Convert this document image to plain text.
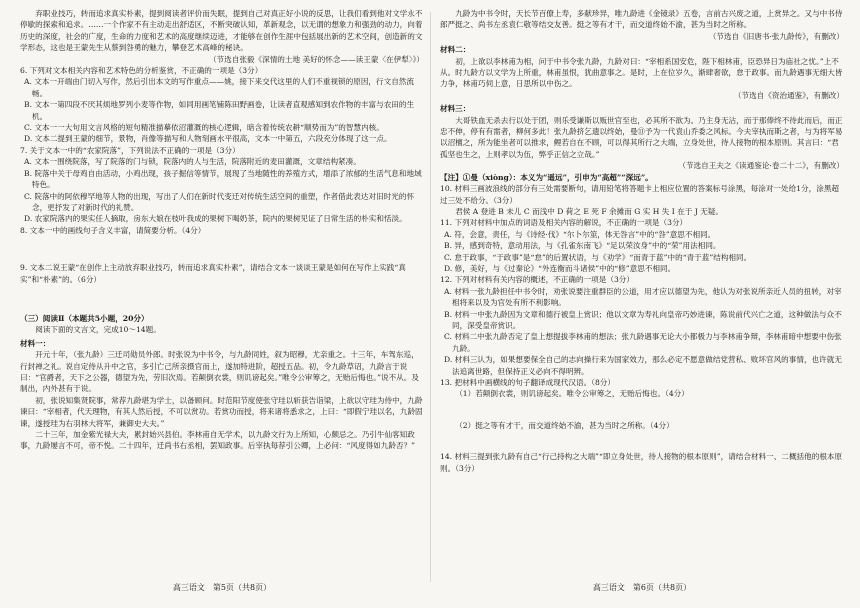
弃职业技巧，转而追求真实朴素，提到阅读者评价而失眠，提到自己对真正好小说的反思，让我们看到他对文学永不停歇的探索和追求。……一个作家不有主动走出舒适区，不断突破认知，革新观念，以无谓的想象力和强劲的动力，向着历史的深度，社会的广度，生命的力度和艺术的高度继续迈进，才能够在创作生涯中包括展出新的艺术空间，创造新的文学形态，这也是王蒙先生从蔡到咎勇的魅力，攀登艺术高峰的秘诀。

（节选自张毅《深情的土地 美好的怀念——读王蒙〈在伊犁〉》）

6. 下列对文本相关内容和艺术特色的分析鉴赏，不正确的一项是（3分）

A. 文本一开端由门切入写作，然后引出本文的写作重点——姚，接下来交代这里的人们不重视锁的原因，行文自然流畅。

B. 文本一第四段不厌其烦地罗列小麦等作物，如同用画笔铺陈田野画卷，让读者直观感知到农作物的丰富与农田的生机。

C. 文本一一大句用文言风格的短句精准描摹依沼灌溉的核心逻辑，暗含着传统农耕“顺势而为”的智慧内核。

D. 文本二提到王蒙的细节，景物，肖像等描写和人物刻画水平很高，文本一中第五，六段充分体现了这一点。

7. 关于文本一中的“农家院落”，下列说法不正确的一项是（3分）

A. 文本一围绕院落，写了院落的门与锁，院落内的人与生活，院落附近的麦田灌溉，文章结构紧凑。

B. 院落中关于母鸡自由活动，小鸡出现，孩子掘信等情节，展现了当地随性的养殖方式，增添了浓郁的生活气息和地域特色。

C. 院落中的阿依穆罕地等人物的出现，写出了人们在新时代变迁对传统生活空间的重塑，作者借此表达对旧时光的怀念，更抒发了对新时代的礼赞。

D. 农家院落内的果实任人摘取，房东大娘在枝叶我成的果树下喝奶茶，院内的果树见证了日常生活的朴实和恬淡。

8. 文本一中的画线句子含义丰富，请简要分析。（4分）

9. 文本二说王蒙“在创作上主动放弃职业技巧，转而追求真实朴素”，请结合文本一谈谈王蒙是如何在写作上实践“真实”和“朴素”的。（6分）

（三）阅读Ⅱ（本题共5小题，20分）

阅读下面的文言文，完成10～14题。

材料一：

开元十年，（张九龄）三迁司勋员外郎。时张说为中书令，与九龄同姓，叙为昭穆，尤亲重之。十三年，车驾东巡，行封禅之礼。说自定侍从升中之官，多引亡己所亲摄官而上，遂加特进阶，超授五品。初，令九龄草诏，九龄言于说曰：“官爵者，天下之公器，德望为先，劳旧次焉。若颠倒衣裳，则讥谤起矣。”唯令公审筹之，无贻后悔也。”说不从。及制出，内外甚有于说。

初，张说知集贤院事，常荐九龄堪为学士，以备顾问。时范阳节度使张守珪以斩获告诣梁，上欲以守珪为侍中，九龄谏曰：“宰相者，代天理物，有其人然后授，不可以赏功。若赏功而授，将来诸将悉求之，上曰：“即假宁珪以名，九龄固谏，遂授珪为右羽林大将军，兼御史大夫。”

二十三年，加金紫光禄大夫，累封始兴县伯。李林甫自无学术，以九龄文行为上所知，心颇忌之。乃引牛仙客知政事，九龄屡言不可，帝不悦。二十四年，迁尚书右丞相，罢知政事。后宰执每荐引公卿，上必问：“风度得如九龄否？”

九龄为中书令时，天长节百僚上寿，多献珍异，唯九龄进《金镜录》五卷，言前古兴废之道，上赏异之。又与中书侍郎严挺之、尚书左丞袁仁敬等结交友善。挺之等有才干，而交道终始不渝，甚为当时之所称。

（节选自《旧唐书·张九龄传》，有删改）

材料二：

初，上欲以李林甫为相，问于中书令张九龄，九龄对曰：“宰相系国安危，陛下相林甫，臣恐异日为庙社之忧。”上不从。时九龄方以文学为上所重，林甫虽恨，犹曲意事之。是时，上在位岁久，渐肆奢欲，怠于政事。而九龄遇事无细大皆力争，林甫巧伺上意，日思所以中伤之。

（节选自《资治通鉴》，有删改）

材料三：

大哥铁血无杀去行以处于团，则乐受谦斯以贩世官至也，必其所不欲为。乃主身无沾，而于那俸终不待此而后，而正忠不伸，停有有需者，柳何多此！张九龄挤乞遗以终始，曼⑪予为一代袁山乔委之风标。今夫宰执而斯之者，与为将军易以沼檀之，所为能坐者可以推求，鲤若自在不顾，可以得其所行之大端，立身处世，待人接物的根本原则。其言曰：“君孤坚也生之，上则孝以为伍，弊乎正信之立哉。”

（节选自王夫之《读通鉴论·卷二十二》，有删改）

【注】①曼（xiòng）：本义为“遥远”，引申为“高超”“深远”。

10. 材料三画波浪线的部分有三处需要断句，请用铅笔将答题卡上相应位置的答案标号涂黑，每涂对一处给1分，涂黑超过三处不给分。（3分）

君侯 A 登进 B 未儿 C 而浅中 D 荷之 E 死 F 余摊而 G 实 H 失 I 在于 J 无疑。

11. 下列对材料中加点的词语及相关内容的解说，不正确的一项是（3分）

A. 符，会意，责任，与《诗经·伐》“尔卜尔筮，体无咎言”中的“咎”意思不相同。

B. 异，感到奇特，意动用法，与《孔雀东南飞》“足以荣汝身”中的“荣”用法相同。

C. 怠于政事，“于政事”是“怠”的后置状语，与《劝学》“而青于蓝”中的“青于蓝”结构相同。

D. 修，美好，与《过秦论》“外连衡而斗诸侯”中的“修”意思不相同。

12. 下列对材料有关内容的概述，不正确的一项是（3分）

A. 材料一张九龄担任中书令时，劝张说要注重群臣的公道，用才应以德望为先，他认为对张说所亲近人员的扭转，对宰相将来以及为官处有所不利影响。

B. 材料一中张九龄因为文章和德行被皇上赏识；他以文章为寿礼向皇帝巧妙进谏，陈说前代兴亡之道，这种做法与众不同，深受皇帝赏识。

C. 材料二中张九龄否定了皇上想提拔李林甫的想法；张九龄遇事无论大小都极力与李林甫争辩，李林甫暗中想要中伤张九龄。

D. 材料三认为，如果想要保全自己的志向操行来为国家效力，那么必定不愿意做结党营私、败坏官风的事情，也许就无法追离世路，但保持正义必向不得明辨。

13. 把材料中画横线的句子翻译成现代汉语。（8分）

（1）若颠倒衣裳，则讥谤起矣。唯令公审筹之，无贻后悔也。（4分）

（2）挺之等有才干，而交道终始不渝，甚为当时之所称。（4分）

14. 材料三提到张九龄有自己“行己持构之大端”“即立身处世，待人接物的根本原则”，请结合材料一、二概括他的根本原则。（3分）

高三语文　第5页（共8页）	高三语文　第6页（共8页）
